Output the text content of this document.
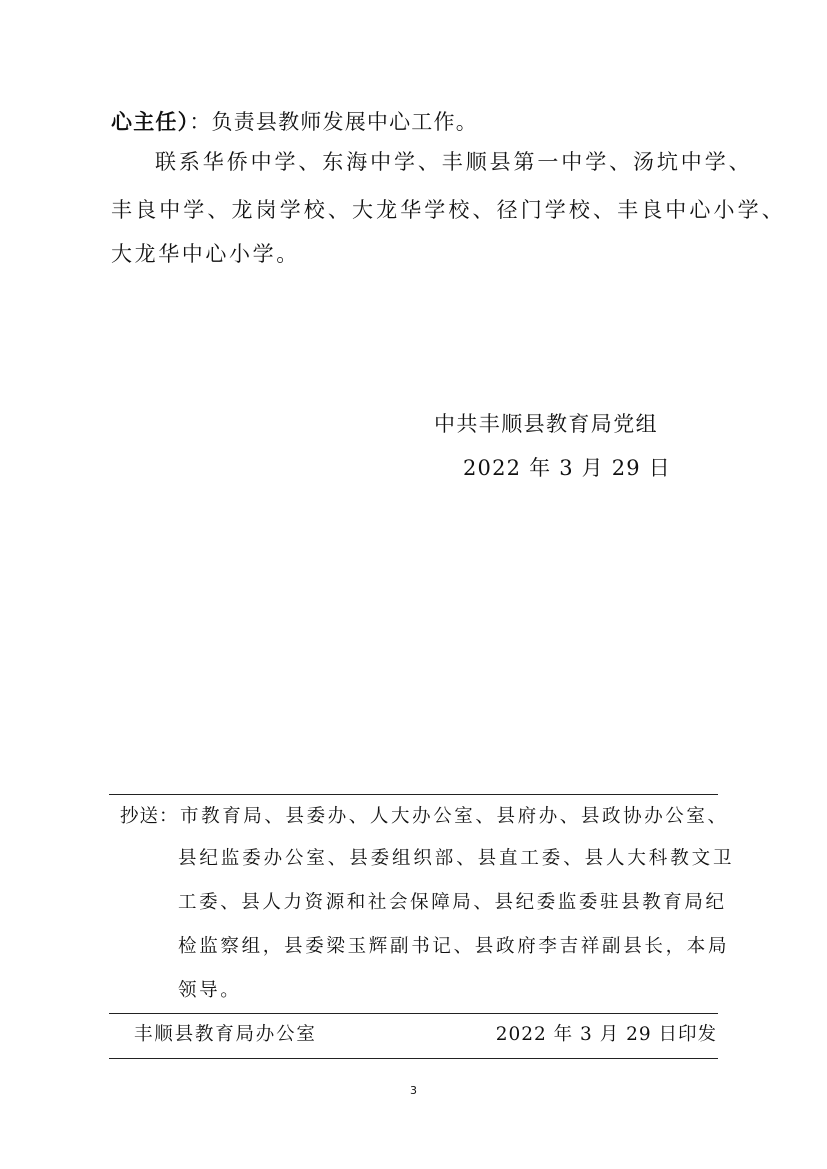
心主任）：负责县教师发展中心工作。
联系华侨中学、东海中学、丰顺县第一中学、汤坑中学、
丰良中学、龙岗学校、大龙华学校、径门学校、丰良中心小学、
大龙华中心小学。
中共丰顺县教育局党组
2022 年 3 月 29 日
抄送： 市教育局、县委办、人大办公室、县府办、县政协办公室、
县纪监委办公室、县委组织部、县直工委、县人大科教文卫
工委、县人力资源和社会保障局、县纪委监委驻县教育局纪
检监察组，县委梁玉辉副书记、县政府李吉祥副县长，本局
领导。
丰顺县教育局办公室	2022 年 3 月 29 日印发
3
